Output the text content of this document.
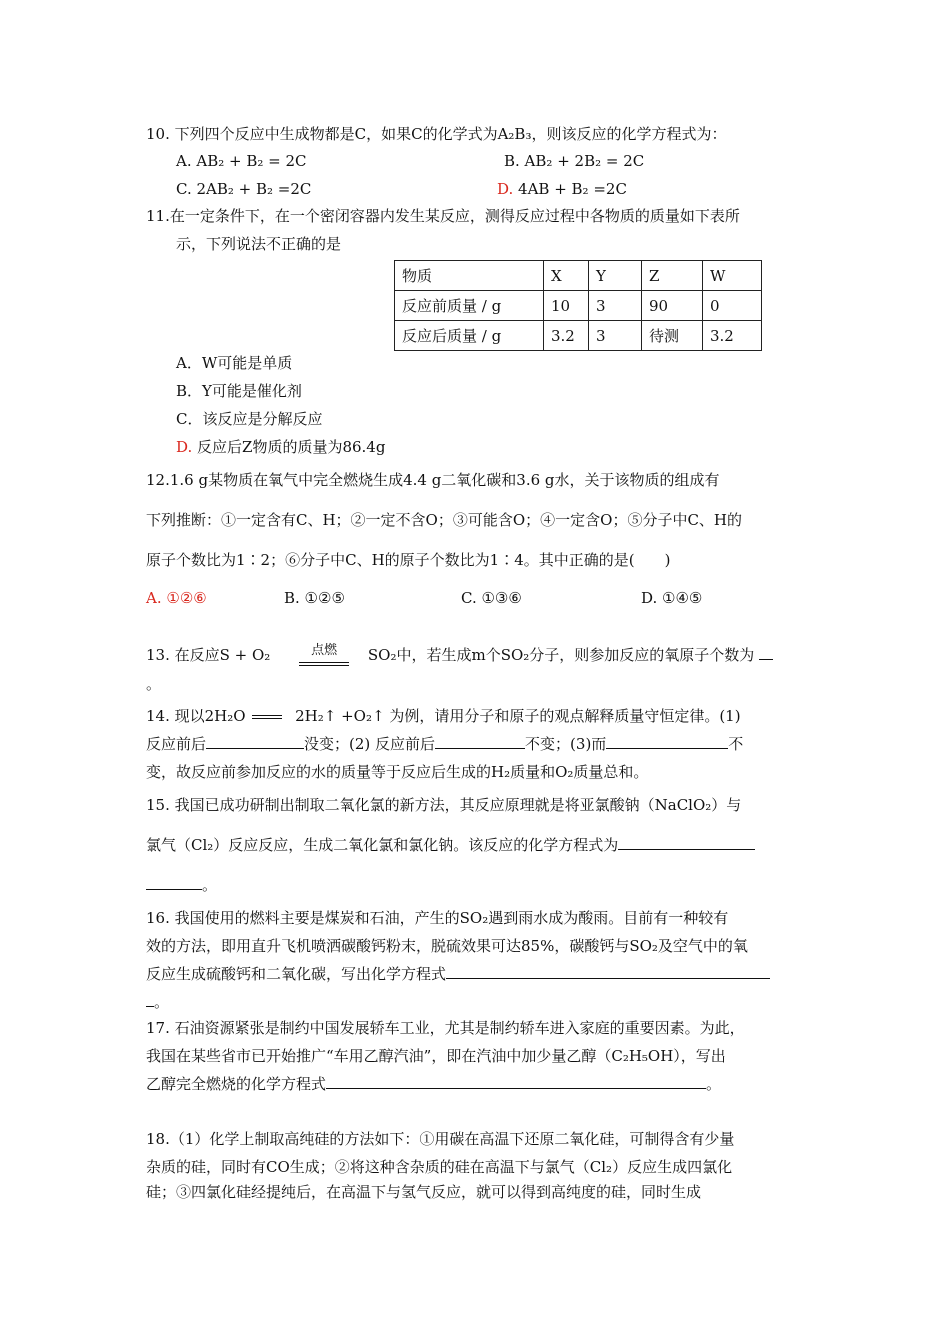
10. 下列四个反应中生成物都是C，如果C的化学式为A₂B₃，则该反应的化学方程式为：
A. AB₂ + B₂ = 2C	B. AB₂ + 2B₂ = 2C
C. 2AB₂ + B₂ =2C	D. 4AB + B₂ =2C
11.在一定条件下，在一个密闭容器内发生某反应，测得反应过程中各物质的质量如下表所
示，下列说法不正确的是
物质	X	Y	Z	W
反应前质量 / g	10	3	90	0
反应后质量 / g	3.2	3	待测	3.2
A．W可能是单质
B．Y可能是催化剂
C．该反应是分解反应
D. 反应后Z物质的质量为86.4g
12.1.6 g某物质在氧气中完全燃烧生成4.4 g二氧化碳和3.6 g水，关于该物质的组成有
下列推断：①一定含有C、H；②一定不含O；③可能含O；④一定含O；⑤分子中C、H的
原子个数比为1∶2；⑥分子中C、H的原子个数比为1∶4。其中正确的是(　　)
A. ①②⑥	B. ①②⑤	C. ①③⑥	D. ①④⑤
13. 在反应S + O₂	点燃 SO₂中，若生成m个SO₂分子，则参加反应的氧原子个数为
。
14. 现以2H₂O	2H₂↑ +O₂↑ 为例，请用分子和原子的观点解释质量守恒定律。(1)
反应前后	没变；(2) 反应前后	不变；(3)而	不
变，故反应前参加反应的水的质量等于反应后生成的H₂质量和O₂质量总和。
15. 我国已成功研制出制取二氧化氯的新方法，其反应原理就是将亚氯酸钠（NaClO₂）与
氯气（Cl₂）反应反应，生成二氧化氯和氯化钠。该反应的化学方程式为
。
16. 我国使用的燃料主要是煤炭和石油，产生的SO₂遇到雨水成为酸雨。目前有一种较有
效的方法，即用直升飞机喷洒碳酸钙粉末，脱硫效果可达85%，碳酸钙与SO₂及空气中的氧
反应生成硫酸钙和二氧化碳，写出化学方程式
。
17. 石油资源紧张是制约中国发展轿车工业，尤其是制约轿车进入家庭的重要因素。为此，
我国在某些省市已开始推广“车用乙醇汽油”，即在汽油中加少量乙醇（C₂H₅OH），写出
乙醇完全燃烧的化学方程式	。
18.（1）化学上制取高纯硅的方法如下：①用碳在高温下还原二氧化硅，可制得含有少量
杂质的硅，同时有CO生成；②将这种含杂质的硅在高温下与氯气（Cl₂）反应生成四氯化
硅；③四氯化硅经提纯后，在高温下与氢气反应，就可以得到高纯度的硅，同时生成
